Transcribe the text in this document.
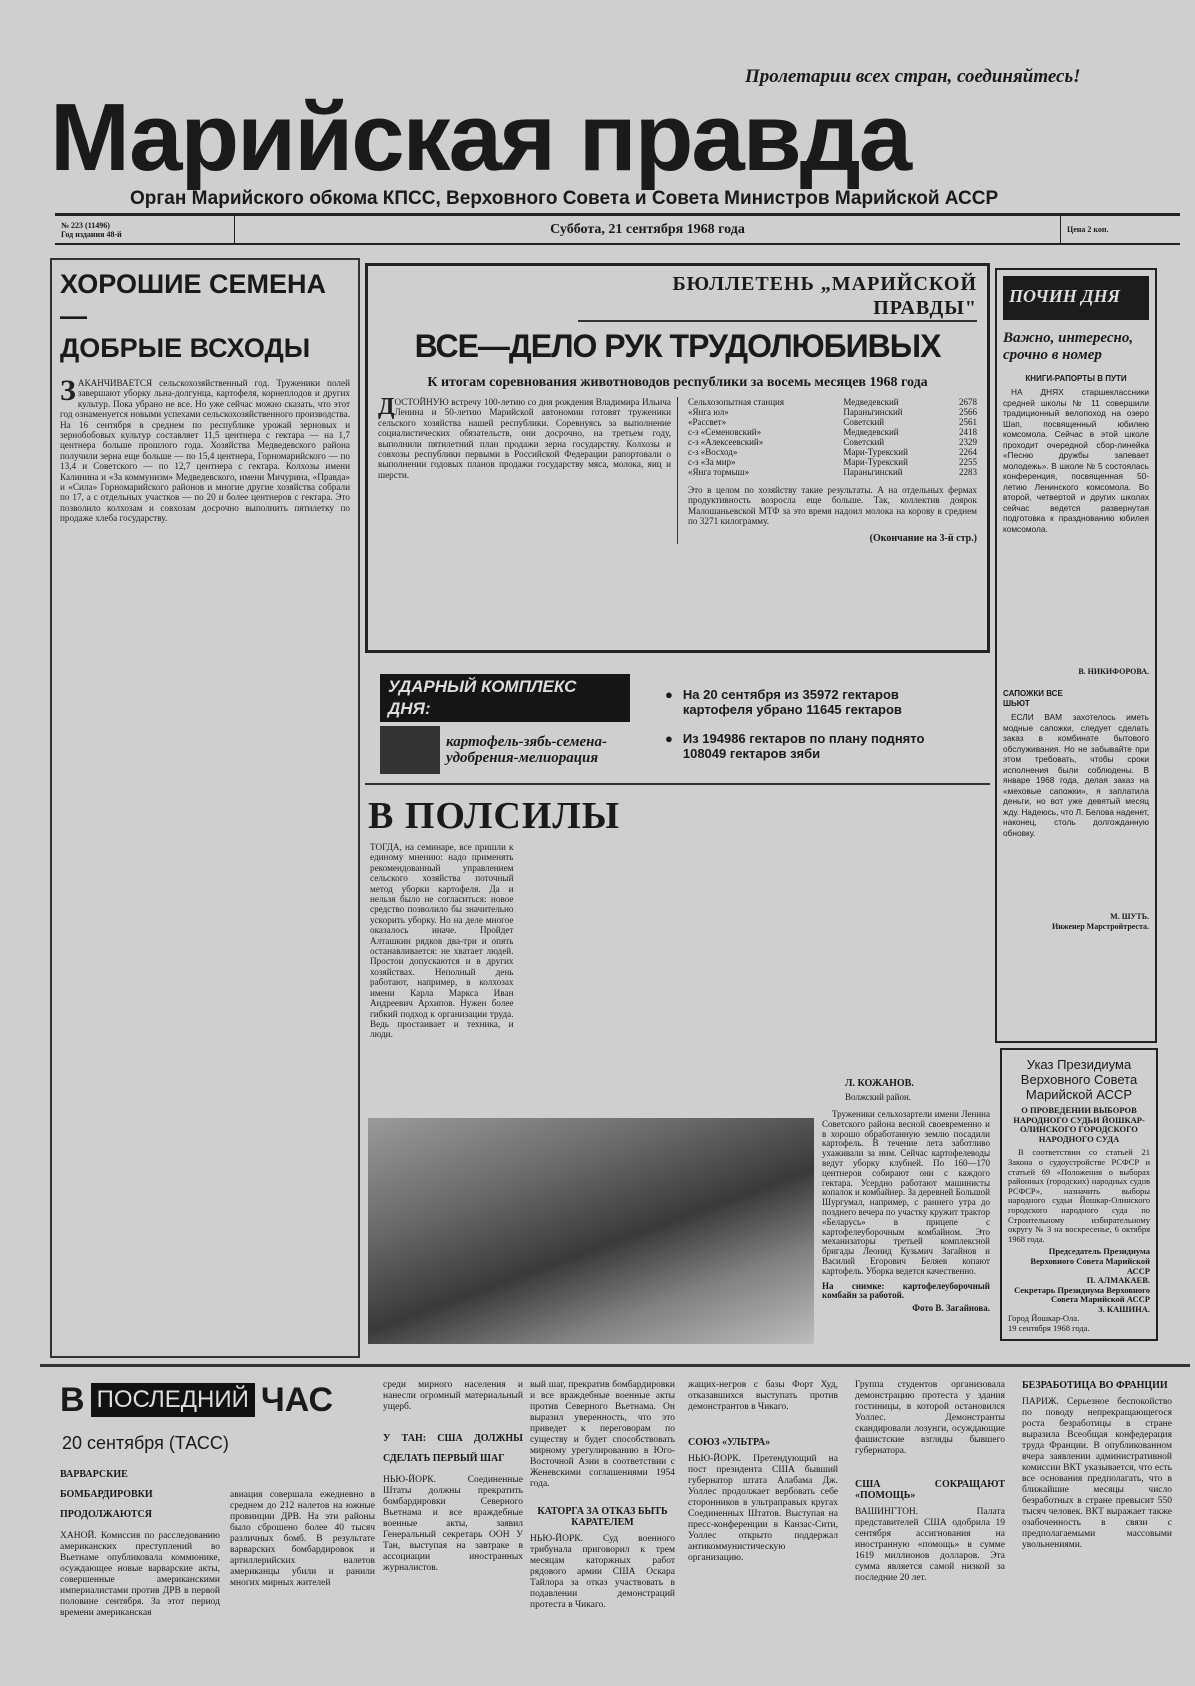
Пролетарии всех стран, соединяйтесь!
Марийская правда
Орган Марийского обкома КПСС, Верховного Совета и Совета Министров Марийской АССР
№ 223 (11496)
Год издания 48-й	Суббота, 21 сентября 1968 года	Цена 2 коп.
ХОРОШИЕ СЕМЕНА—
ДОБРЫЕ ВСХОДЫ
ЗАКАНЧИВАЕТСЯ сельскохозяйственный год. Труженики полей завершают уборку льна-долгунца, картофеля, корнеплодов и других культур. Пока убрано не все. Но уже сейчас можно сказать, что этот год ознаменуется новыми успехами сельскохозяйственного производства. На 16 сентября в среднем по республике урожай зерновых и зернобобовых культур составляет 11,5 центнера с гектара — на 1,7 центнера больше прошлого года. Хозяйства Медведевского района получили зерна еще больше — по 15,4 центнера, Горномарийского — по 13,4 и Советского — по 12,7 центнера с гектара. Колхозы имени Калинина и «За коммунизм» Медведевского, имени Мичурина, «Правда» и «Сила» Горномарийского районов и многие другие хозяйства собрали по 17, а с отдельных участков — по 20 и более центнеров с гектара. Это позволило колхозам и совхозам досрочно выполнить пятилетку по продаже хлеба государству.
БЮЛЛЕТЕНЬ „МАРИЙСКОЙ ПРАВДЫ"
ВСЕ—ДЕЛО РУК ТРУДОЛЮБИВЫХ
К итогам соревнования животноводов республики за восемь месяцев 1968 года
ДОСТОЙНУЮ встречу 100-летию со дня рождения Владимира Ильича Ленина и 50-летию Марийской автономии готовят труженики сельского хозяйства нашей республики. Соревнуясь за выполнение социалистических обязательств, они досрочно, на третьем году, выполнили пятилетний план продажи зерна государству. Колхозы и совхозы республики первыми в Российской Федерации рапортовали о выполнении годовых планов продажи государству мяса, молока, яиц и шерсти.
Сельхозопытная станция	Медведевский	2678
«Янга юл»	Параньгинский	2566
«Рассвет»	Советский	2561
с-з «Семеновский»	Медведевский	2418
с-з «Алексеевский»	Советский	2329
с-з «Восход»	Мари-Турекский	2264
с-з «За мир»	Мари-Турекский	2255
«Янга тормыш»	Параньгинский	2283
Это в целом по хозяйству такие результаты. А на отдельных фермах продуктивность возросла еще больше. Так, коллектив доярок Малошаньевской МТФ за это время надоил молока на корову в среднем по 3271 килограмму.
(Окончание на 3-й стр.)
УДАРНЫЙ КОМПЛЕКС ДНЯ:
картофель-зябь-семена-удобрения-мелиорация
● На 20 сентября из 35972 гектаров картофеля убрано 11645 гектаров
● Из 194986 гектаров по плану поднято 108049 гектаров зяби
В ПОЛСИЛЫ
ТОГДА, на семинаре, все пришли к единому мнению: надо применять рекомендованный управлением сельского хозяйства поточный метод уборки картофеля. Да и нельзя было не согласиться: новое средство позволило бы значительно ускорить уборку. Но на деле многое оказалось иначе. Пройдет Алташкин рядков два-три и опять останавливается: не хватает людей. Простои допускаются и в других хозяйствах. Неполный день работают, например, в колхозах имени Карла Маркса Иван Андреевич Архипов. Нужен более гибкий подход к организации труда. Ведь простаивает и техника, и люди.
Л. КОЖАНОВ.
Волжский район.
Труженики сельхозартели имени Ленина Советского района весной своевременно и в хорошо обработанную землю посадили картофель. В течение лета заботливо ухаживали за ним. Сейчас картофелеводы ведут уборку клубней. По 160—170 центнеров собирают они с каждого гектара. Усердно работают машинисты копалок и комбайнер. За деревней Большой Шургумал, например, с раннего утра до позднего вечера по участку кружит трактор «Беларусь» в прицепе с картофелеуборочным комбайном. Это механизаторы третьей комплексной бригады Леонид Кузьмич Загайнов и Василий Егорович Беляев копают картофель. Уборка ведется качественно.
На снимке: картофелеуборочный комбайн за работой.
Фото В. Загайнова.
ПОЧИН ДНЯ
Важно, интересно, срочно в номер
КНИГИ-РАПОРТЫ В ПУТИ
НА ДНЯХ старшеклассники средней школы № 11 совершили традиционный велопоход на озеро Шап, посвященный юбилею комсомола. Сейчас в этой школе проходит очередной сбор-линейка «Песню дружбы запевает молодежь». В школе № 5 состоялась конференция, посвященная 50-летию Ленинского комсомола. Во второй, четвертой и других школах сейчас ведется развернутая подготовка к празднованию юбилея комсомола.
В. НИКИФОРОВА.
САПОЖКИ ВСЕ ШЬЮТ
ЕСЛИ ВАМ захотелось иметь модные сапожки, следует сделать заказ в комбинате бытового обслуживания. Но не забывайте при этом требовать, чтобы сроки исполнения были соблюдены. В январе 1968 года, делая заказ на «меховые сапожки», я заплатила деньги, но вот уже девятый месяц жду. Надеюсь, что Л. Белова наденет, наконец, столь долгожданную обновку.
М. ШУТЬ.
Инженер Марстройтреста.
Указ Президиума Верховного Совета Марийской АССР
О ПРОВЕДЕНИИ ВЫБОРОВ НАРОДНОГО СУДЬИ ЙОШКАР-ОЛИНСКОГО ГОРОДСКОГО НАРОДНОГО СУДА
В соответствии со статьей 21 Закона о судоустройстве РСФСР и статьей 69 «Положения о выборах районных (городских) народных судов РСФСР», назначить выборы народного судьи Йошкар-Олинского городского народного суда по Строительному избирательному округу № 3 на воскресенье, 6 октября 1968 года.
Председатель Президиума Верховного Совета Марийской АССР
П. АЛМАКАЕВ.
Секретарь Президиума Верховного Совета Марийской АССР
З. КАШИНА.
Город Йошкар-Ола.
19 сентября 1968 года.
В ПОСЛЕДНИЙ ЧАС
20 сентября (ТАСС)
ВАРВАРСКИЕ БОМБАРДИРОВКИ ПРОДОЛЖАЮТСЯ
ХАНОЙ. Комиссия по расследованию американских преступлений во Вьетнаме опубликовала коммюнике, осуждающее новые варварские акты, совершенные американскими империалистами против ДРВ в первой половине сентября. За этот период времени американская
авиация совершала ежедневно в среднем до 212 налетов на южные провинции ДРВ. На эти районы было сброшено более 40 тысяч различных бомб. В результате варварских бомбардировок и артиллерийских налетов американцы убили и ранили многих мирных жителей
среди мирного населения и нанесли огромный материальный ущерб.
У ТАН: США ДОЛЖНЫ СДЕЛАТЬ ПЕРВЫЙ ШАГ
НЬЮ-ЙОРК. Соединенные Штаты должны прекратить бомбардировки Северного Вьетнама и все враждебные военные акты, заявил Генеральный секретарь ООН У Тан, выступая на завтраке в ассоциации иностранных журналистов.
вый шаг, прекратив бомбардировки и все враждебные военные акты против Северного Вьетнама. Он выразил уверенность, что это приведет к переговорам по существу и будет способствовать мирному урегулированию в Юго-Восточной Азии в соответствии с Женевскими соглашениями 1954 года.
КАТОРГА ЗА ОТКАЗ БЫТЬ КАРАТЕЛЕМ
НЬЮ-ЙОРК. Суд военного трибунала приговорил к трем месяцам каторжных работ рядового армии США Оскара Тайлора за отказ участвовать в подавлении демонстраций протеста в Чикаго.
жащих-негров с базы Форт Худ, отказавшихся выступать против демонстрантов в Чикаго.
СОЮЗ «УЛЬТРА»
НЬЮ-ЙОРК. Претендующий на пост президента США бывший губернатор штата Алабама Дж. Уоллес продолжает вербовать себе сторонников в ультраправых кругах Соединенных Штатов. Выступая на пресс-конференции в Канзас-Сити, Уоллес открыто поддержал антикоммунистическую организацию.
Группа студентов организовала демонстрацию протеста у здания гостиницы, в которой остановился Уоллес. Демонстранты скандировали лозунги, осуждающие фашистские взгляды бывшего губернатора.
США СОКРАЩАЮТ «ПОМОЩЬ»
ВАШИНГТОН. Палата представителей США одобрила 19 сентября ассигнования на иностранную «помощь» в сумме 1619 миллионов долларов. Эта сумма является самой низкой за последние 20 лет.
БЕЗРАБОТИЦА ВО ФРАНЦИИ
ПАРИЖ. Серьезное беспокойство по поводу непрекращающегося роста безработицы в стране выразила Всеобщая конфедерация труда Франции. В опубликованном вчера заявлении административной комиссии ВКТ указывается, что есть все основания предполагать, что в ближайшие месяцы число безработных в стране превысит 550 тысяч человек. ВКТ выражает также озабоченность в связи с предполагаемыми массовыми увольнениями.
